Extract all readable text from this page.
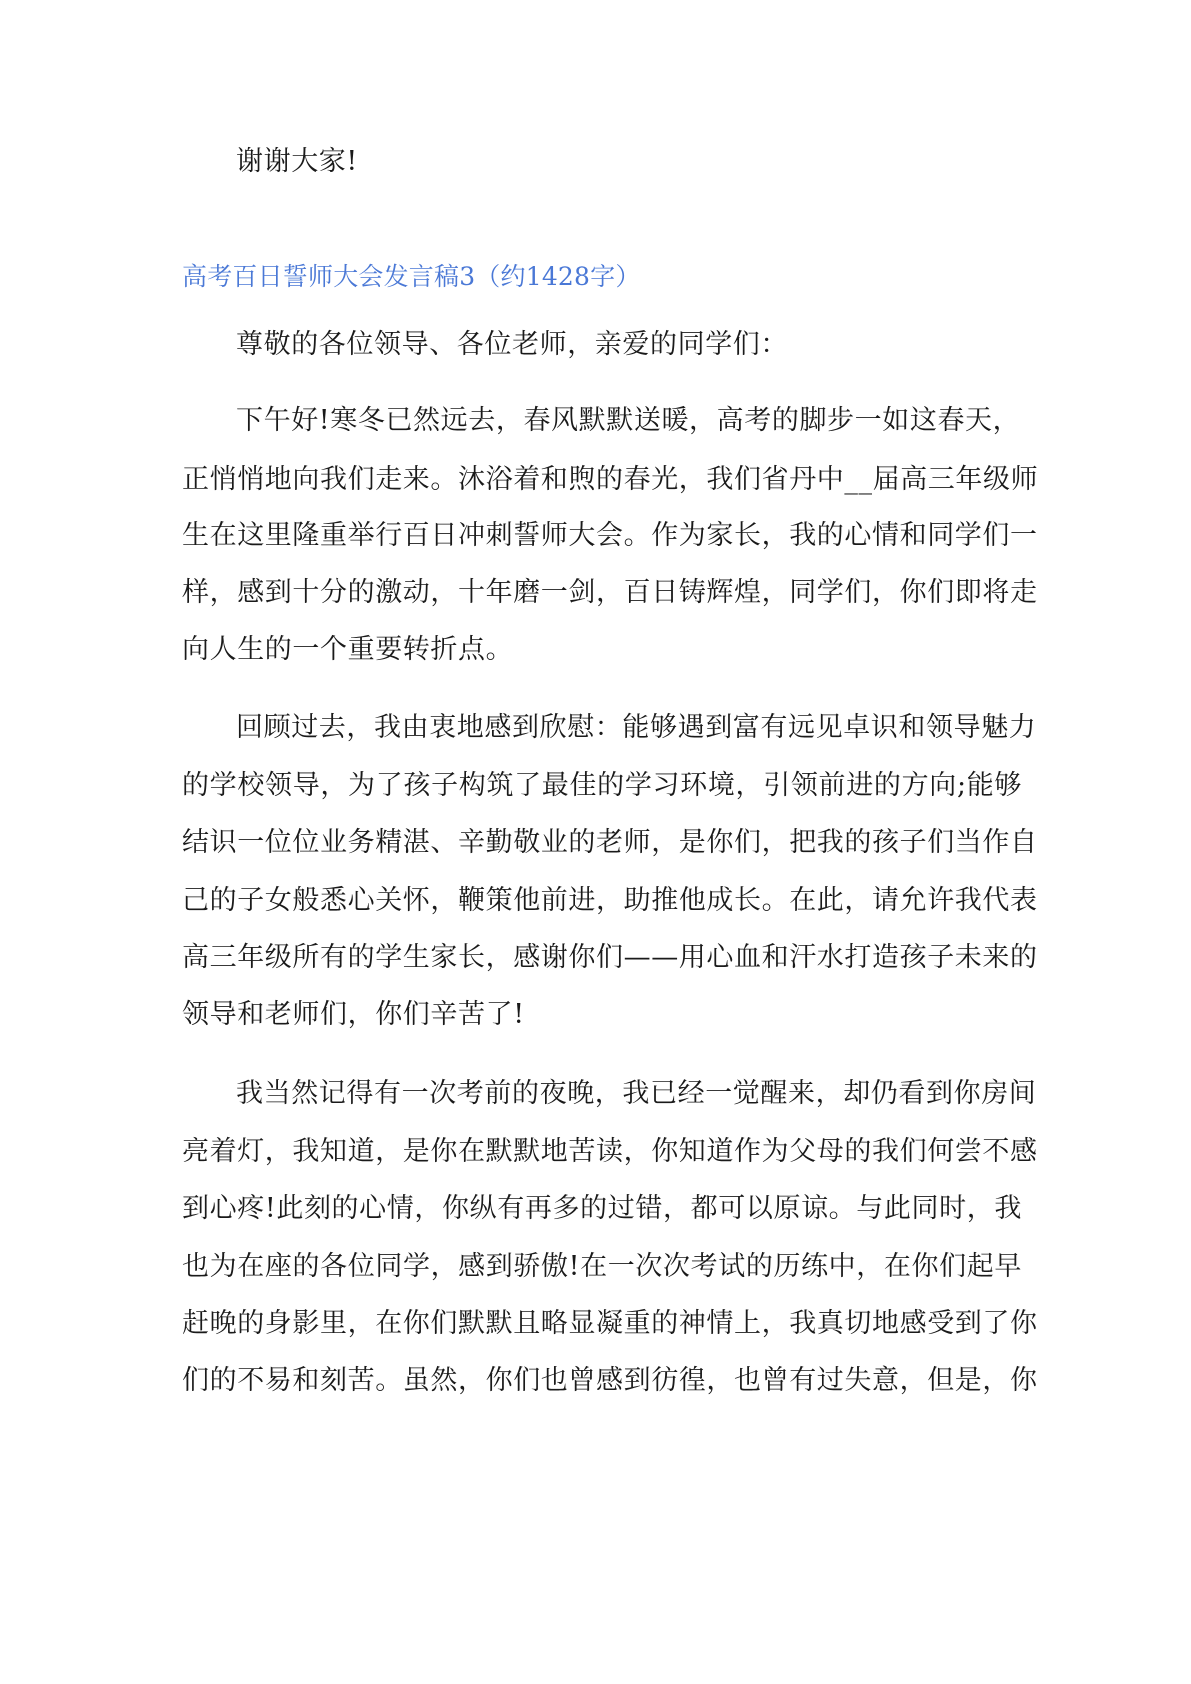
谢谢大家!
高考百日誓师大会发言稿3（约1428字）
尊敬的各位领导、各位老师，亲爱的同学们：
下午好!寒冬已然远去，春风默默送暖，高考的脚步一如这春天，
正悄悄地向我们走来。沐浴着和煦的春光，我们省丹中__届高三年级师
生在这里隆重举行百日冲刺誓师大会。作为家长，我的心情和同学们一
样，感到十分的激动，十年磨一剑，百日铸辉煌，同学们，你们即将走
向人生的一个重要转折点。
回顾过去，我由衷地感到欣慰：能够遇到富有远见卓识和领导魅力
的学校领导，为了孩子构筑了最佳的学习环境，引领前进的方向;能够
结识一位位业务精湛、辛勤敬业的老师，是你们，把我的孩子们当作自
己的子女般悉心关怀，鞭策他前进，助推他成长。在此，请允许我代表
高三年级所有的学生家长，感谢你们——用心血和汗水打造孩子未来的
领导和老师们，你们辛苦了!
我当然记得有一次考前的夜晚，我已经一觉醒来，却仍看到你房间
亮着灯，我知道，是你在默默地苦读，你知道作为父母的我们何尝不感
到心疼!此刻的心情，你纵有再多的过错，都可以原谅。与此同时，我
也为在座的各位同学，感到骄傲!在一次次考试的历练中，在你们起早
赶晚的身影里，在你们默默且略显凝重的神情上，我真切地感受到了你
们的不易和刻苦。虽然，你们也曾感到彷徨，也曾有过失意，但是，你
